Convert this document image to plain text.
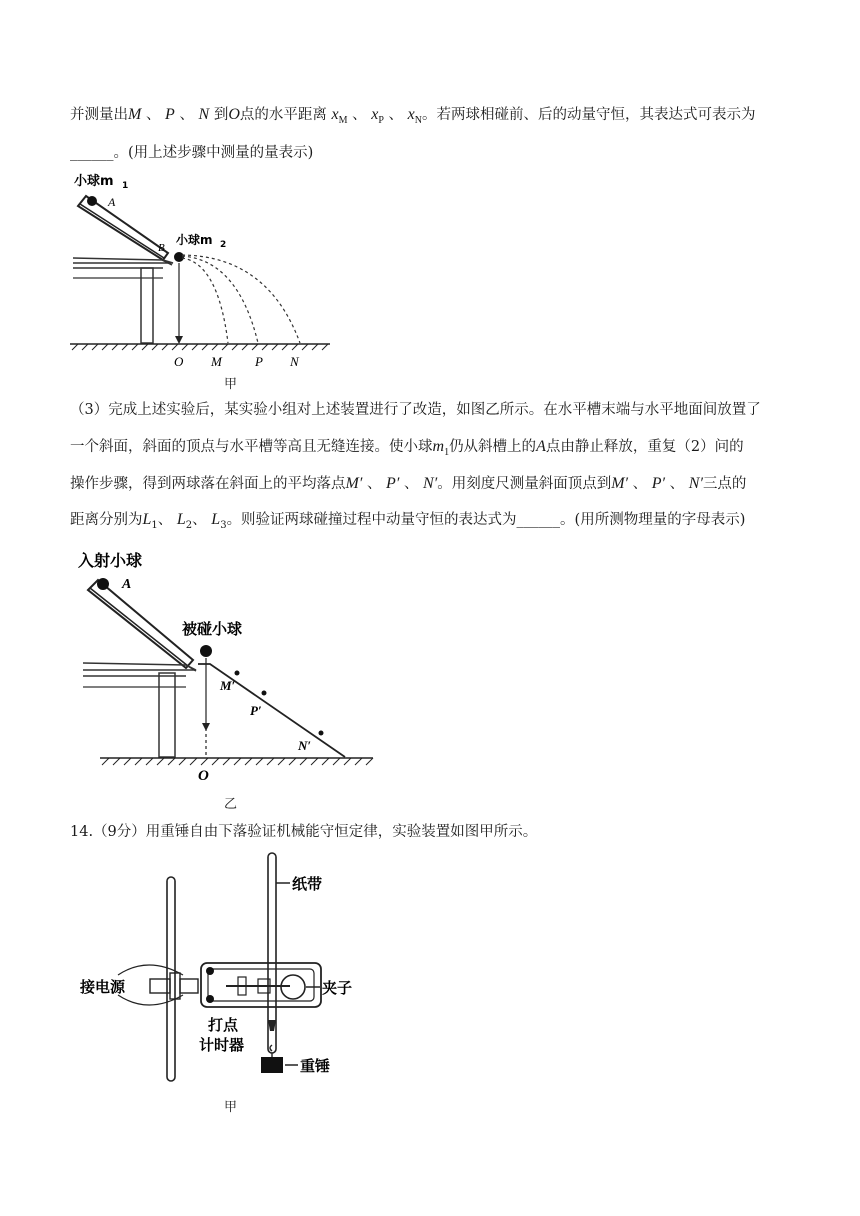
并测量出M 、 P 、 N 到O点的水平距离 $x_M$ 、 $x_P$ 、 $x_N$。若两球相碰前、后的动量守恒，其表达式可表示为
______。(用上述步骤中测量的量表示)
小球m 1
A
B
小球m 2
O M	P N
甲
（3）完成上述实验后，某实验小组对上述装置进行了改造，如图乙所示。在水平槽末端与水平地面间放置了
一个斜面，斜面的顶点与水平槽等高且无缝连接。使小球$m_1$仍从斜槽上的A点由静止释放，重复（2）问的
操作步骤，得到两球落在斜面上的平均落点M′ 、 P′ 、 N′。用刻度尺测量斜面顶点到M′ 、 P′ 、 N′三点的
距离分别为$L_1$、 $L_2$、 $L_3$。则验证两球碰撞过程中动量守恒的表达式为______。(用所测物理量的字母表示)
入射小球
A
被碰小球
M′
P′
N′
O
乙
14.（9分）用重锤自由下落验证机械能守恒定律，实验装置如图甲所示。
纸带
接电源	夹子
打点
计时器
重锤
甲
